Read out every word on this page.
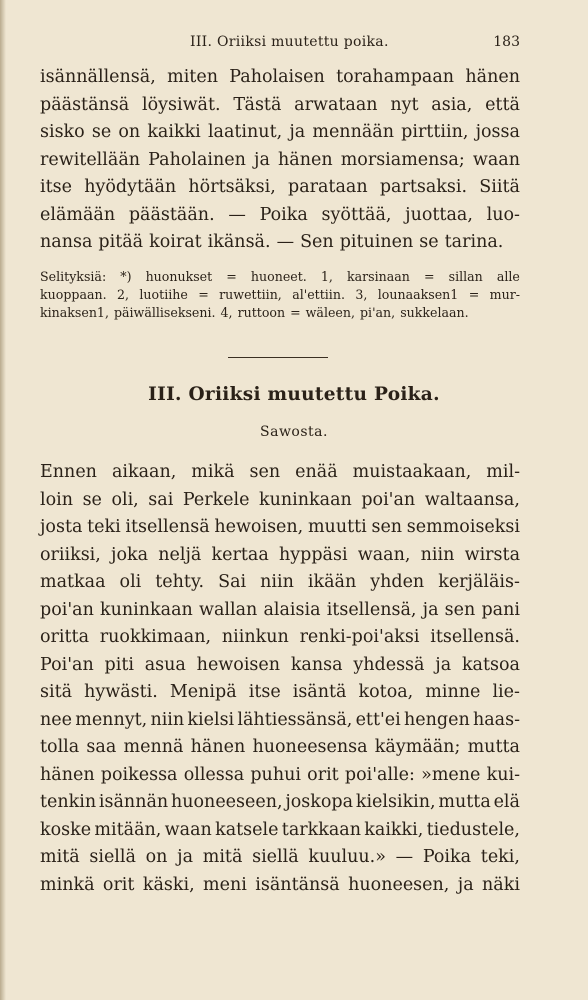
III. Oriiksi muutettu poika.	183
isännällensä, miten Paholaisen torahampaan hänen
päästänsä löysiwät. Tästä arwataan nyt asia, että
sisko se on kaikki laatinut, ja mennään pirttiin, jossa
rewitellään Paholainen ja hänen morsiamensa; waan
itse hyödytään hörtsäksi, parataan partsaksi. Siitä
elämään päästään. — Poika syöttää, juottaa, luo-
nansa pitää koirat ikänsä. — Sen pituinen se tarina.
Selityksiä: *) huonukset = huoneet. 1, karsinaan = sillan alle
kuoppaan. 2, luotiihe = ruwettiin, al'ettiin. 3, lounaaksen1 = mur-
kinaksen1, päiwällisekseni. 4, ruttoon = wäleen, pi'an, sukkelaan.
III. Oriiksi muutettu Poika.
Sawosta.
Ennen aikaan, mikä sen enää muistaakaan, mil-
loin se oli, sai Perkele kuninkaan poi'an waltaansa,
josta teki itsellensä hewoisen, muutti sen semmoiseksi
oriiksi, joka neljä kertaa hyppäsi waan, niin wirsta
matkaa oli tehty. Sai niin ikään yhden kerjäläis-
poi'an kuninkaan wallan alaisia itsellensä, ja sen pani
oritta ruokkimaan, niinkun renki-poi'aksi itsellensä.
Poi'an piti asua hewoisen kansa yhdessä ja katsoa
sitä hywästi. Menipä itse isäntä kotoa, minne lie-
nee mennyt, niin kielsi lähtiessänsä, ett'ei hengen haas-
tolla saa mennä hänen huoneesensa käymään; mutta
hänen poikessa ollessa puhui orit poi'alle: »mene kui-
tenkin isännän huoneeseen, joskopa kielsikin, mutta elä
koske mitään, waan katsele tarkkaan kaikki, tiedustele,
mitä siellä on ja mitä siellä kuuluu.» — Poika teki,
minkä orit käski, meni isäntänsä huoneesen, ja näki
